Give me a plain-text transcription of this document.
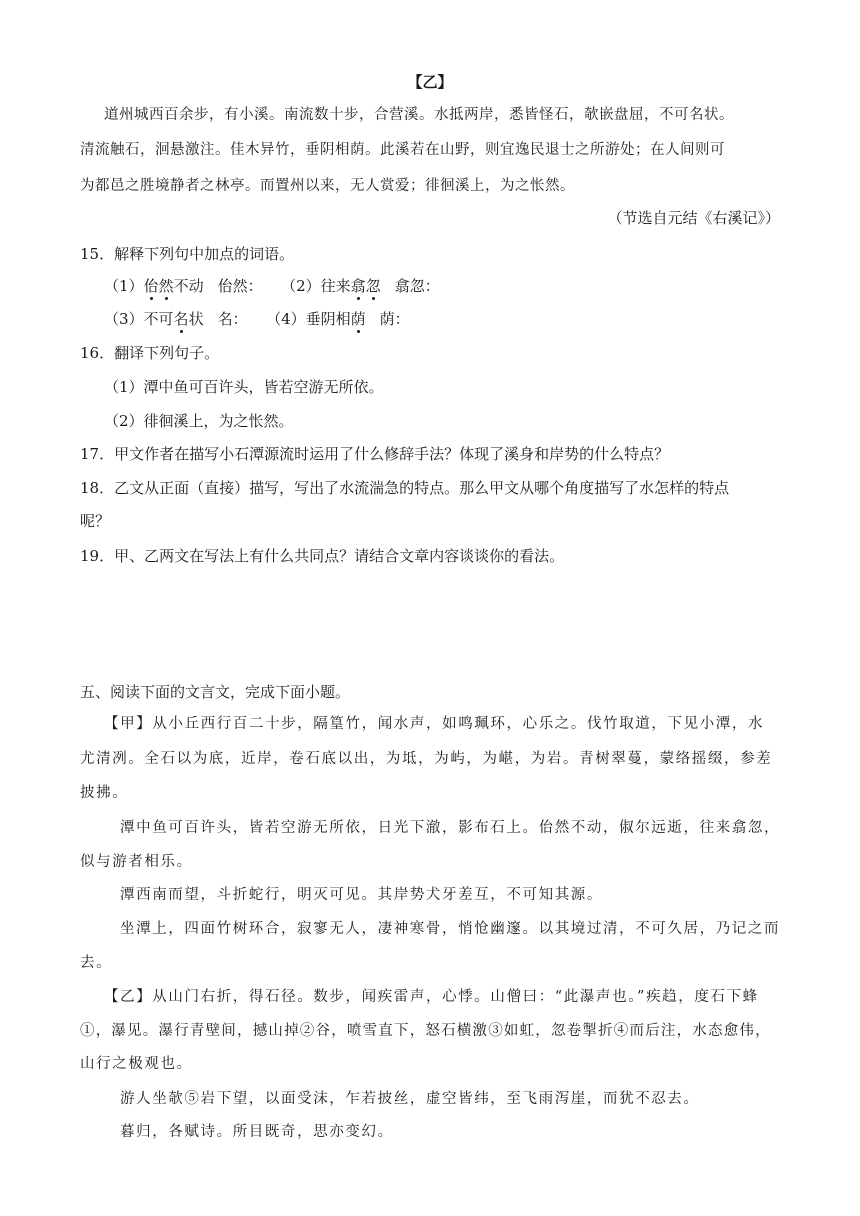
【乙】
道州城西百余步，有小溪。南流数十步，合营溪。水抵两岸，悉皆怪石，欹嵌盘屈，不可名状。
清流触石，洄悬激注。佳木异竹，垂阴相荫。此溪若在山野，则宜逸民退士之所游处；在人间则可
为都邑之胜境静者之林亭。而置州以来，无人赏爱；徘徊溪上，为之怅然。
（节选自元结《右溪记》）
15．解释下列句中加点的词语。
（1）佁然不动 佁然： （2）往来翕忽 翕忽：
（3）不可名状 名： （4）垂阴相荫 荫：
16．翻译下列句子。
（1）潭中鱼可百许头，皆若空游无所依。
（2）徘徊溪上，为之怅然。
17．甲文作者在描写小石潭源流时运用了什么修辞手法？体现了溪身和岸势的什么特点？
18．乙文从正面（直接）描写，写出了水流湍急的特点。那么甲文从哪个角度描写了水怎样的特点
呢？
19．甲、乙两文在写法上有什么共同点？请结合文章内容谈谈你的看法。
五、阅读下面的文言文，完成下面小题。
【甲】从小丘西行百二十步，隔篁竹，闻水声，如鸣珮环，心乐之。伐竹取道，下见小潭，水
尤清冽。全石以为底，近岸，卷石底以出，为坻，为屿，为嵁，为岩。青树翠蔓，蒙络摇缀，参差
披拂。
潭中鱼可百许头，皆若空游无所依，日光下澈，影布石上。佁然不动，俶尔远逝，往来翕忽，
似与游者相乐。
潭西南而望，斗折蛇行，明灭可见。其岸势犬牙差互，不可知其源。
坐潭上，四面竹树环合，寂寥无人，凄神寒骨，悄怆幽邃。以其境过清，不可久居，乃记之而
去。
【乙】从山门右折，得石径。数步，闻疾雷声，心悸。山僧曰：“此瀑声也。”疾趋，度石下蜂
①，瀑见。瀑行青壁间，撼山掉②谷，喷雪直下，怒石横激③如虹，忽卷掣折④而后注，水态愈伟，
山行之极观也。
游人坐欹⑤岩下望，以面受沫，乍若披丝，虚空皆纬，至飞雨泻崖，而犹不忍去。
暮归，各赋诗。所目既奇，思亦变幻。
